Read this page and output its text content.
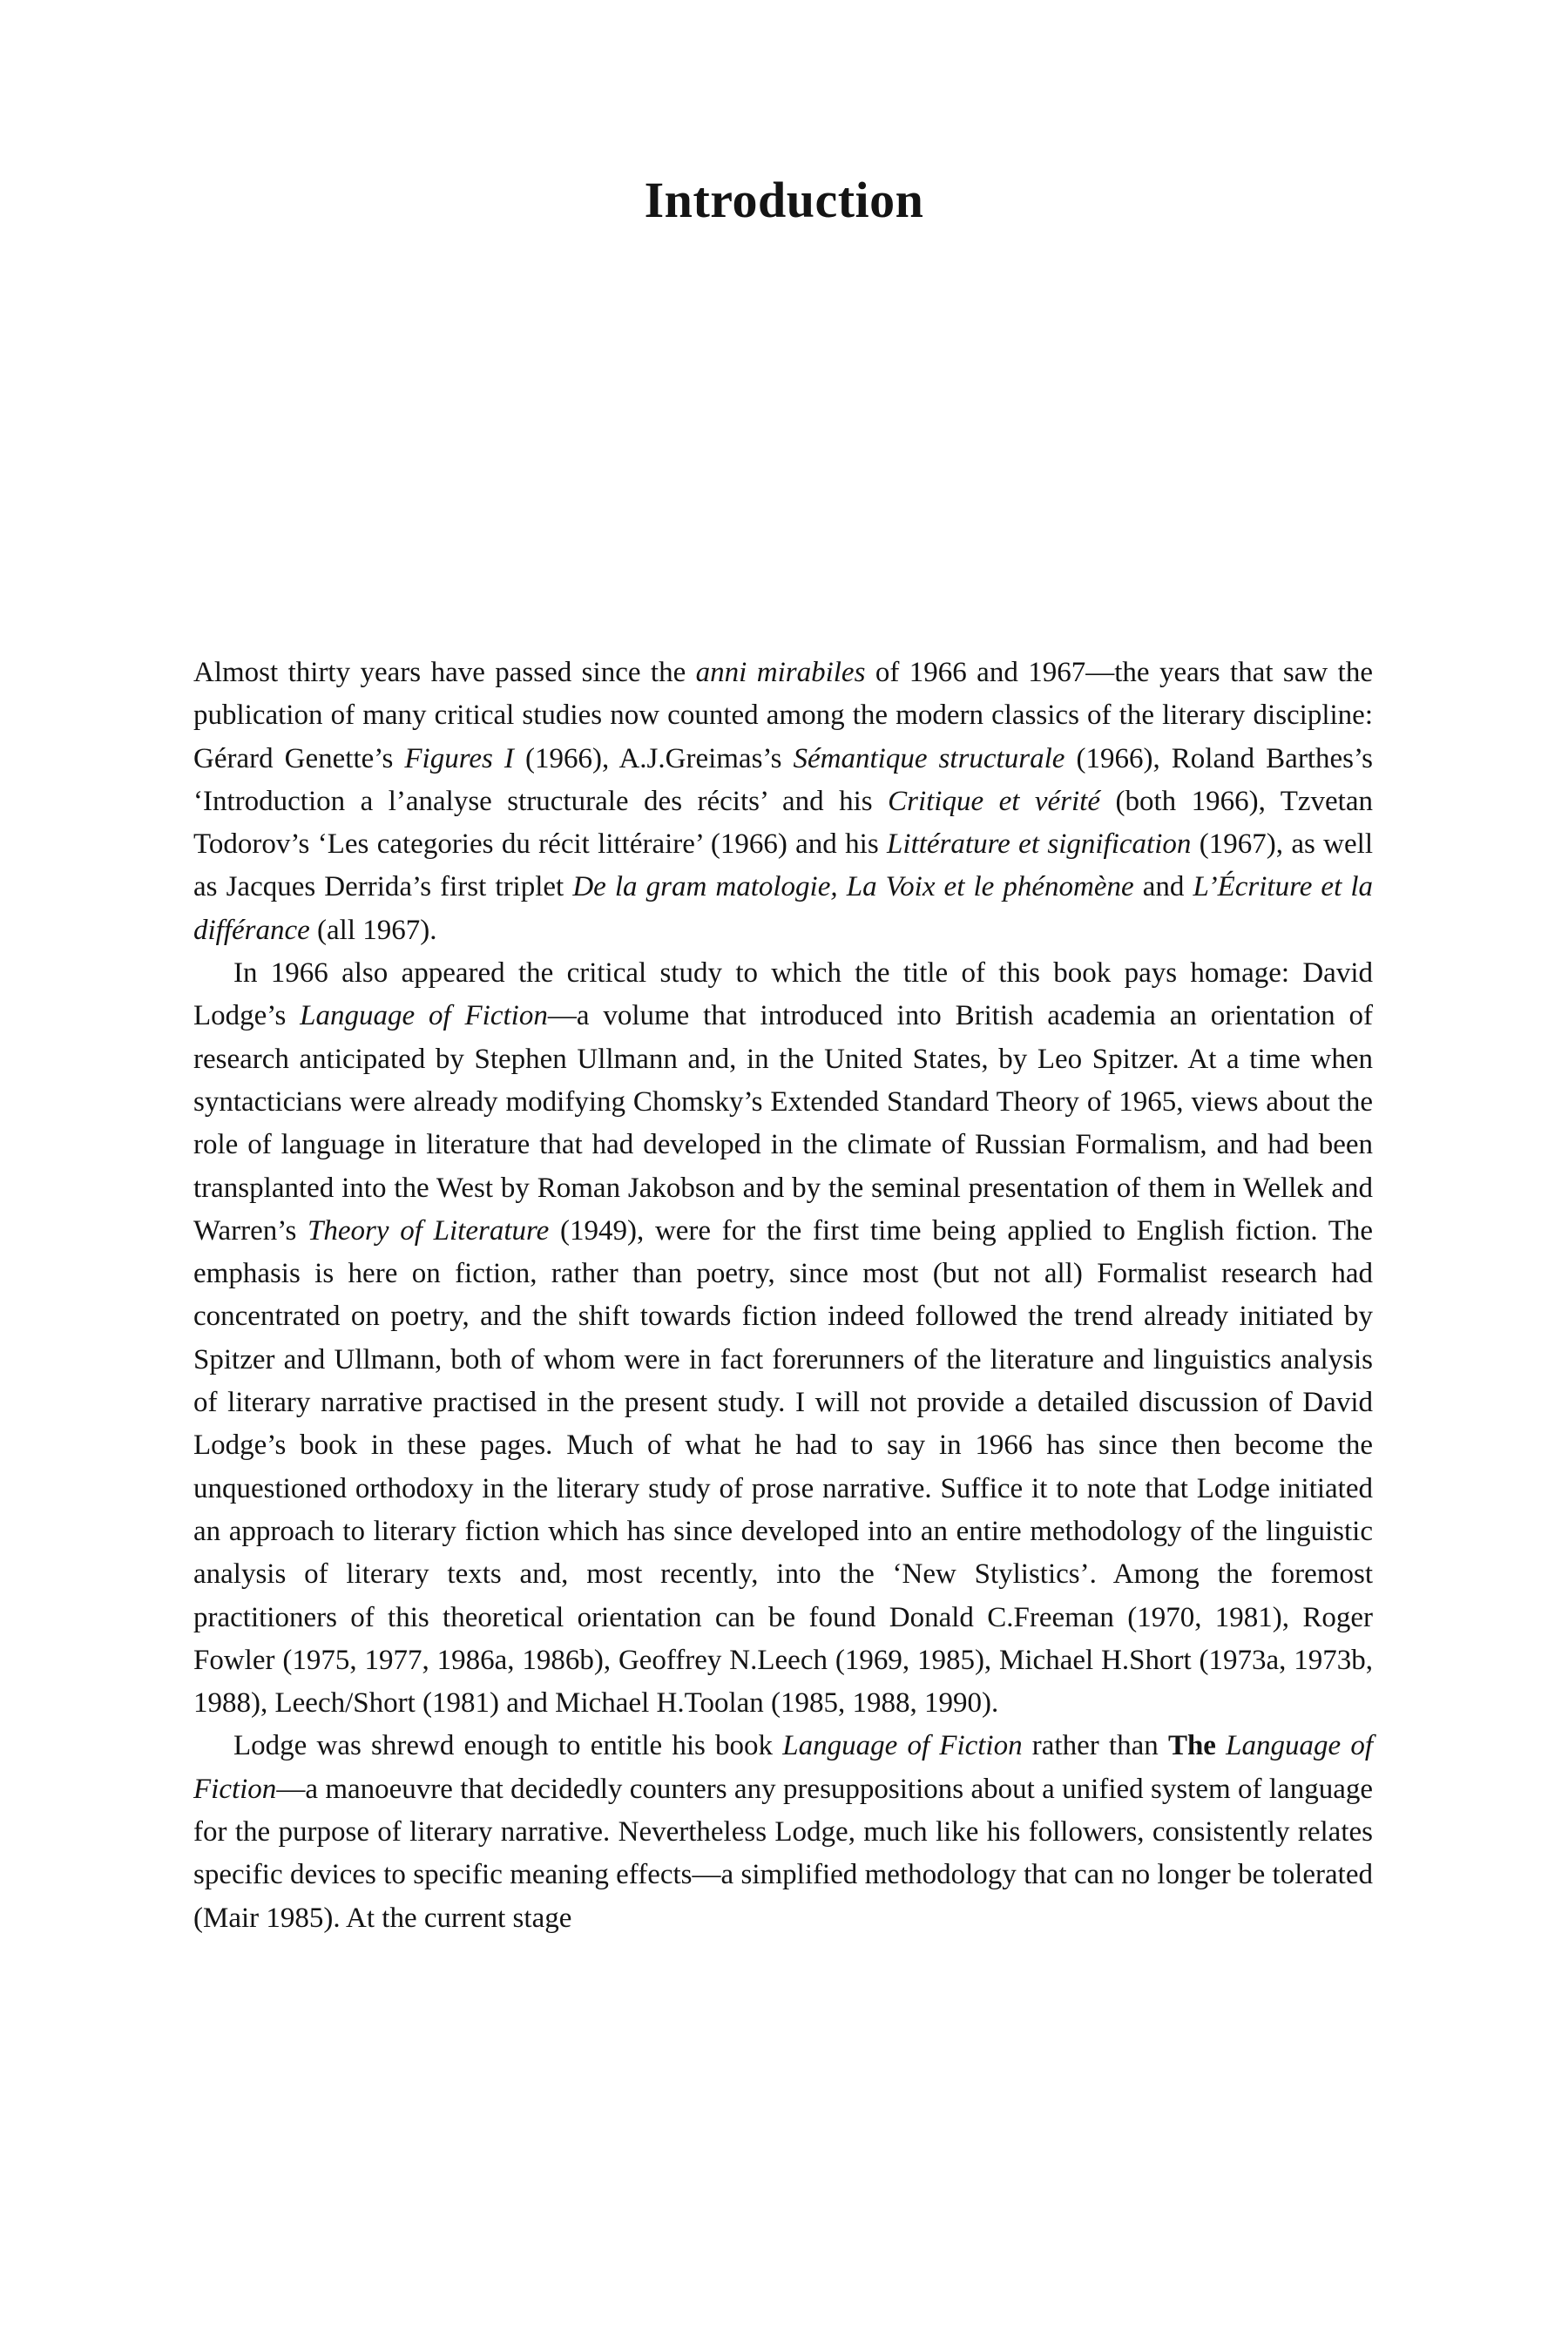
Introduction

Almost thirty years have passed since the anni mirabiles of 1966 and 1967—the years that saw the publication of many critical studies now counted among the modern classics of the literary discipline: Gérard Genette’s Figures I (1966), A.J.Greimas’s Sémantique structurale (1966), Roland Barthes’s ‘Introduction a l’analyse structurale des récits’ and his Critique et vérité (both 1966), Tzvetan Todorov’s ‘Les categories du récit littéraire’ (1966) and his Littérature et signification (1967), as well as Jacques Derrida’s first triplet De la gram matologie, La Voix et le phénomène and L’Écriture et la différance (all 1967).

In 1966 also appeared the critical study to which the title of this book pays homage: David Lodge’s Language of Fiction—a volume that introduced into British academia an orientation of research anticipated by Stephen Ullmann and, in the United States, by Leo Spitzer. At a time when syntacticians were already modifying Chomsky’s Extended Standard Theory of 1965, views about the role of language in literature that had developed in the climate of Russian Formalism, and had been transplanted into the West by Roman Jakobson and by the seminal presentation of them in Wellek and Warren’s Theory of Literature (1949), were for the first time being applied to English fiction. The emphasis is here on fiction, rather than poetry, since most (but not all) Formalist research had concentrated on poetry, and the shift towards fiction indeed followed the trend already initiated by Spitzer and Ullmann, both of whom were in fact forerunners of the literature and linguistics analysis of literary narrative practised in the present study. I will not provide a detailed discussion of David Lodge’s book in these pages. Much of what he had to say in 1966 has since then become the unquestioned orthodoxy in the literary study of prose narrative. Suffice it to note that Lodge initiated an approach to literary fiction which has since developed into an entire methodology of the linguistic analysis of literary texts and, most recently, into the ‘New Stylistics’. Among the foremost practitioners of this theoretical orientation can be found Donald C.Freeman (1970, 1981), Roger Fowler (1975, 1977, 1986a, 1986b), Geoffrey N.Leech (1969, 1985), Michael H.Short (1973a, 1973b, 1988), Leech/Short (1981) and Michael H.Toolan (1985, 1988, 1990).

Lodge was shrewd enough to entitle his book Language of Fiction rather than The Language of Fiction—a manoeuvre that decidedly counters any presuppositions about a unified system of language for the purpose of literary narrative. Nevertheless Lodge, much like his followers, consistently relates specific devices to specific meaning effects—a simplified methodology that can no longer be tolerated (Mair 1985). At the current stage
